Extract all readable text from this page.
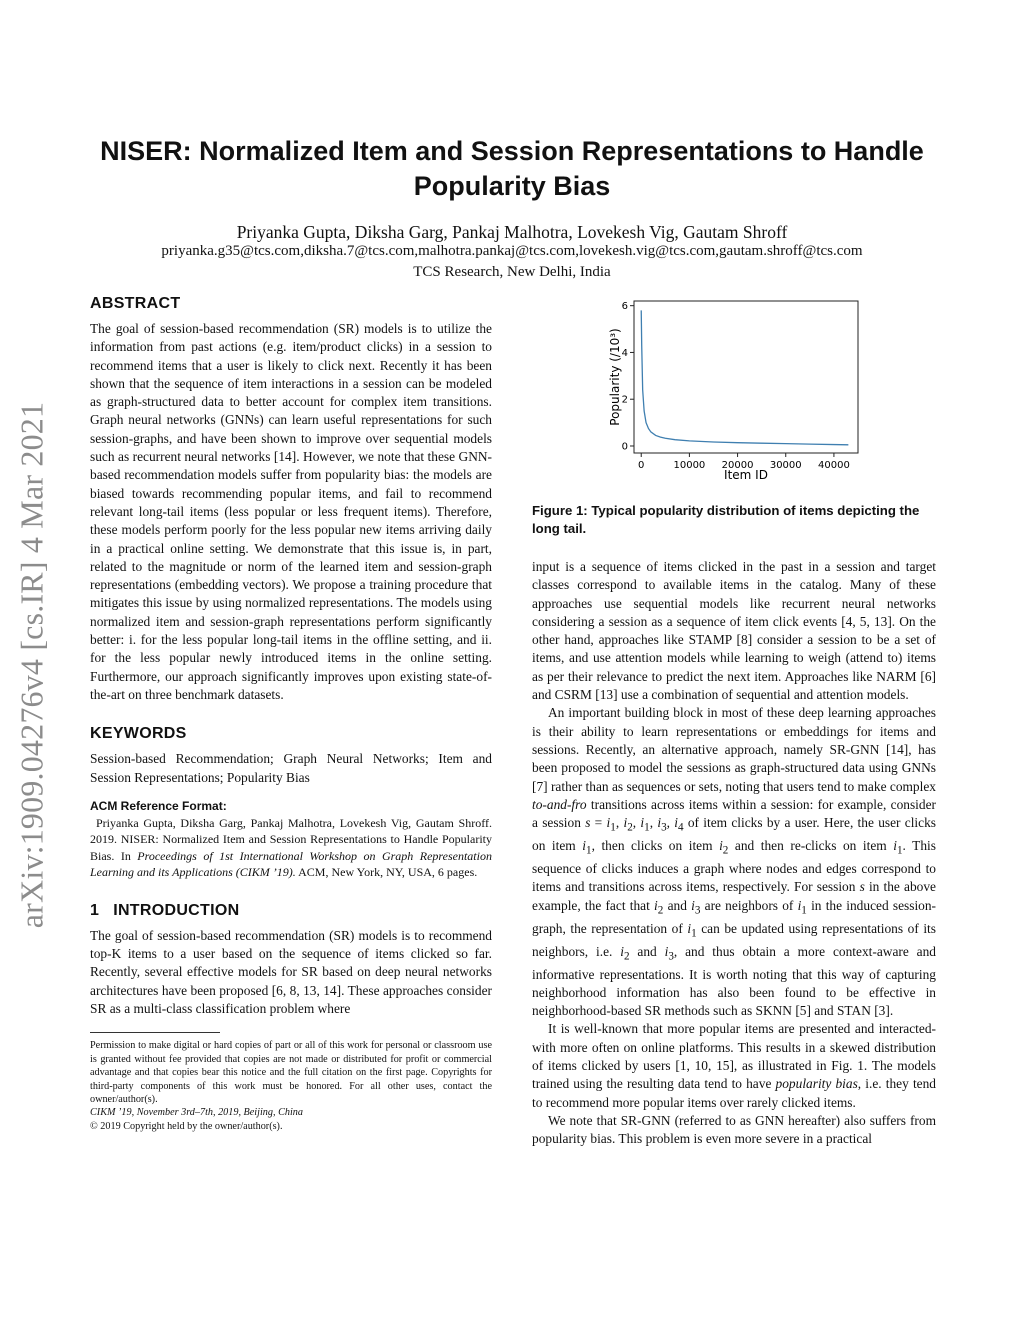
arXiv:1909.04276v4 [cs.IR] 4 Mar 2021
NISER: Normalized Item and Session Representations to Handle
Popularity Bias
Priyanka Gupta, Diksha Garg, Pankaj Malhotra, Lovekesh Vig, Gautam Shroff
priyanka.g35@tcs.com,diksha.7@tcs.com,malhotra.pankaj@tcs.com,lovekesh.vig@tcs.com,gautam.shroff@tcs.com
TCS Research, New Delhi, India
ABSTRACT

The goal of session-based recommendation (SR) models is to utilize the information from past actions (e.g. item/product clicks) in a session to recommend items that a user is likely to click next. Recently it has been shown that the sequence of item interactions in a session can be modeled as graph-structured data to better account for complex item transitions. Graph neural networks (GNNs) can learn useful representations for such session-graphs, and have been shown to improve over sequential models such as recurrent neural networks [14]. However, we note that these GNN-based recommendation models suffer from popularity bias: the models are biased towards recommending popular items, and fail to recommend relevant long-tail items (less popular or less frequent items). Therefore, these models perform poorly for the less popular new items arriving daily in a practical online setting. We demonstrate that this issue is, in part, related to the magnitude or norm of the learned item and session-graph representations (embedding vectors). We propose a training procedure that mitigates this issue by using normalized representations. The models using normalized item and session-graph representations perform significantly better: i. for the less popular long-tail items in the offline setting, and ii. for the less popular newly introduced items in the online setting. Furthermore, our approach significantly improves upon existing state-of-the-art on three benchmark datasets.

KEYWORDS

Session-based Recommendation; Graph Neural Networks; Item and Session Representations; Popularity Bias

ACM Reference Format:
Priyanka Gupta, Diksha Garg, Pankaj Malhotra, Lovekesh Vig, Gautam Shroff. 2019. NISER: Normalized Item and Session Representations to Handle Popularity Bias. In Proceedings of 1st International Workshop on Graph Representation Learning and its Applications (CIKM ’19). ACM, New York, NY, USA, 6 pages.
1 INTRODUCTION

The goal of session-based recommendation (SR) models is to recommend top-K items to a user based on the sequence of items clicked so far. Recently, several effective models for SR based on deep neural networks architectures have been proposed [6, 8, 13, 14]. These approaches consider SR as a multi-class classification problem where

Permission to make digital or hard copies of part or all of this work for personal or classroom use is granted without fee provided that copies are not made or distributed for profit or commercial advantage and that copies bear this notice and the full citation on the first page. Copyrights for third-party components of this work must be honored. For all other uses, contact the owner/author(s).
CIKM ’19, November 3rd–7th, 2019, Beijing, China
© 2019 Copyright held by the owner/author(s).
0
2
4
6
0	10000 20000 30000 40000
Popularity (/10³)
Item ID
Figure 1: Typical popularity distribution of items depicting the long tail.

input is a sequence of items clicked in the past in a session and target classes correspond to available items in the catalog. Many of these approaches use sequential models like recurrent neural networks considering a session as a sequence of item click events [4, 5, 13]. On the other hand, approaches like STAMP [8] consider a session to be a set of items, and use attention models while learning to weigh (attend to) items as per their relevance to predict the next item. Approaches like NARM [6] and CSRM [13] use a combination of sequential and attention models.

An important building block in most of these deep learning approaches is their ability to learn representations or embeddings for items and sessions. Recently, an alternative approach, namely SR-GNN [14], has been proposed to model the sessions as graph-structured data using GNNs [7] rather than as sequences or sets, noting that users tend to make complex to-and-fro transitions across items within a session: for example, consider a session $s = i_1$, $i_2$, $i_1$, $i_3$, $i_4$ of item clicks by a user. Here, the user clicks on item $i_1$, then clicks on item $i_2$ and then re-clicks on item $i_1$. This sequence of clicks induces a graph where nodes and edges correspond to items and transitions across items, respectively. For session s in the above example, the fact that $i_2$ and $i_3$ are neighbors of $i_1$ in the induced session-graph, the representation of $i_1$ can be updated using representations of its neighbors, i.e. $i_2$ and $i_3$, and thus obtain a more context-aware and informative representations. It is worth noting that this way of capturing neighborhood information has also been found to be effective in neighborhood-based SR methods such as SKNN [5] and STAN [3].

It is well-known that more popular items are presented and interacted-with more often on online platforms. This results in a skewed distribution of items clicked by users [1, 10, 15], as illustrated in Fig. 1. The models trained using the resulting data tend to have popularity bias, i.e. they tend to recommend more popular items over rarely clicked items.

We note that SR-GNN (referred to as GNN hereafter) also suffers from popularity bias. This problem is even more severe in a practical
